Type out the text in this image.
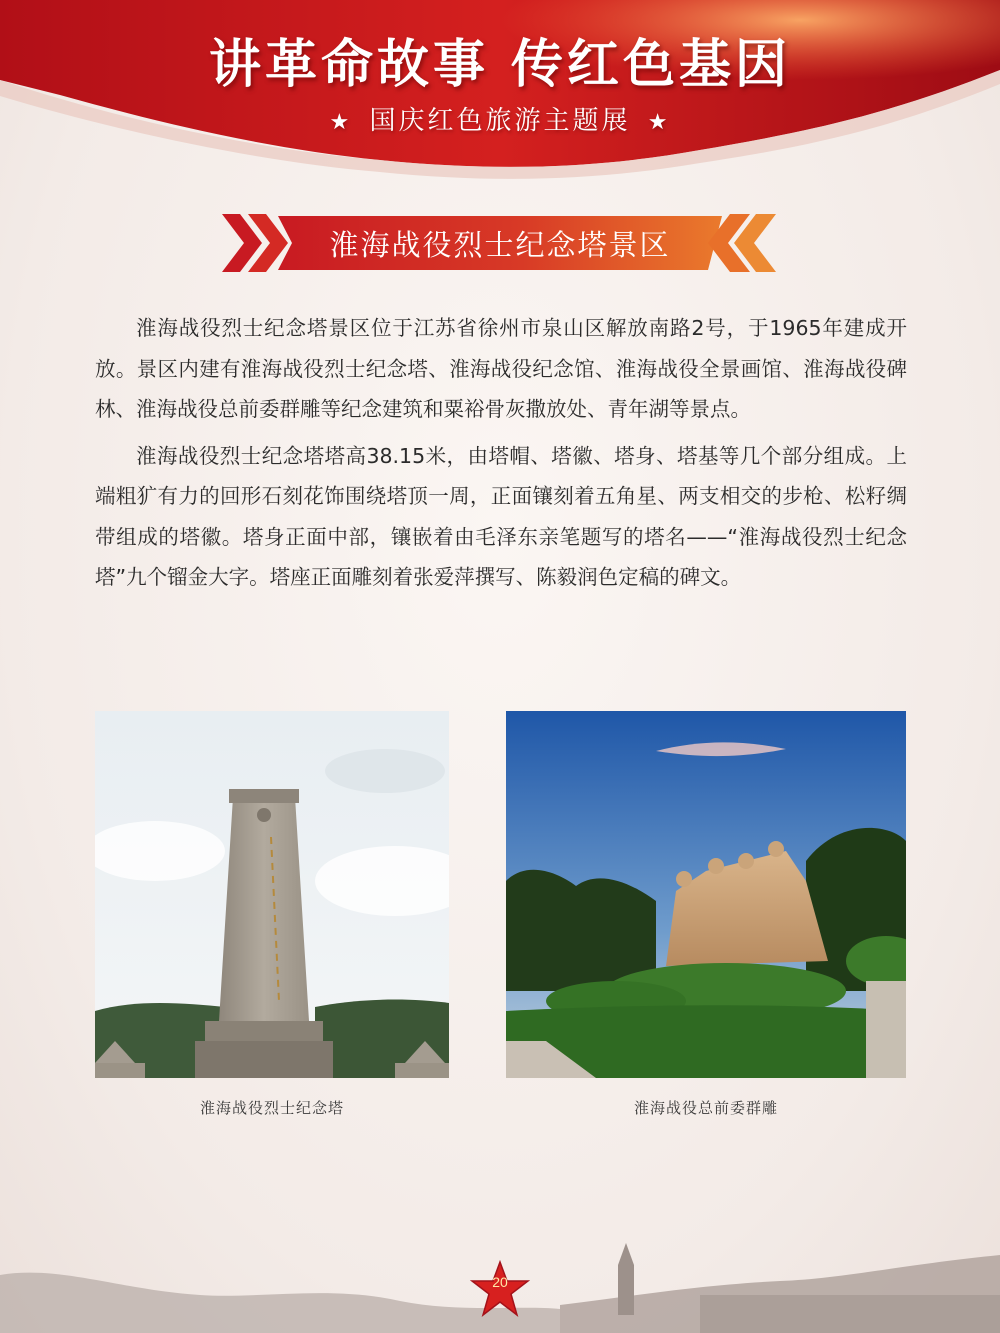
讲革命故事 传红色基因
★ 国庆红色旅游主题展 ★
淮海战役烈士纪念塔景区

淮海战役烈士纪念塔景区位于江苏省徐州市泉山区解放南路2号，于1965年建成开放。景区内建有淮海战役烈士纪念塔、淮海战役纪念馆、淮海战役全景画馆、淮海战役碑林、淮海战役总前委群雕等纪念建筑和粟裕骨灰撒放处、青年湖等景点。

淮海战役烈士纪念塔塔高38.15米，由塔帽、塔徽、塔身、塔基等几个部分组成。上端粗犷有力的回形石刻花饰围绕塔顶一周，正面镶刻着五角星、两支相交的步枪、松籽绸带组成的塔徽。塔身正面中部，镶嵌着由毛泽东亲笔题写的塔名——“淮海战役烈士纪念塔”九个镏金大字。塔座正面雕刻着张爱萍撰写、陈毅润色定稿的碑文。

淮海战役烈士纪念塔	淮海战役总前委群雕
20
